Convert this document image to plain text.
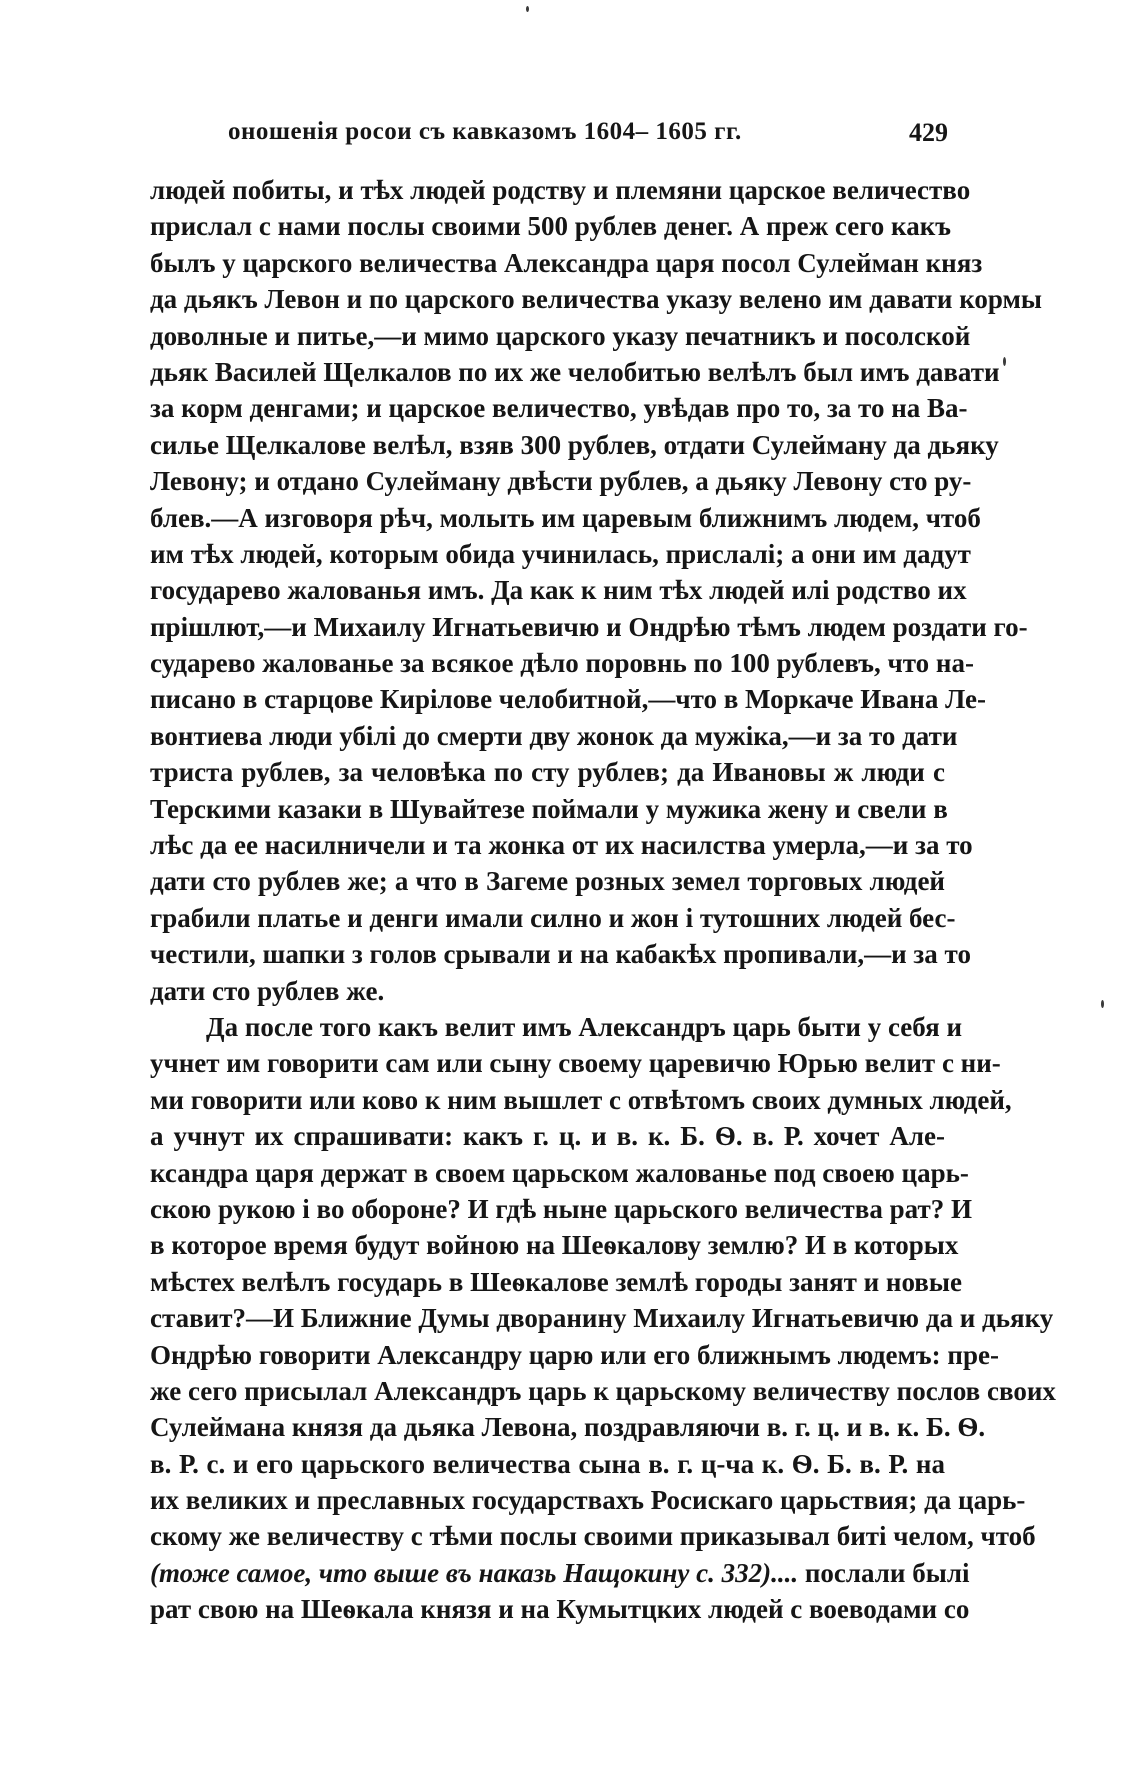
оношенія росои съ кавказомъ 1604– 1605 гг.	429
людей побиты, и тѣх людей родству и племяни царское величество
прислал с нами послы своими 500 рублев денег. А преж сего какъ
былъ у царского величества Александра царя посол Сулейман княз
да дьякъ Левон и по царского величества указу велено им давати кормы
доволные и питье,—и мимо царского указу печатникъ и посолской
дьяк Василей Щелкалов по их же челобитью велѣлъ был имъ давати
за корм денгами; и царское величество, увѣдав про то, за то на Ва-
силье Щелкалове велѣл, взяв 300 рублев, отдати Сулейману да дьяку
Левону; и отдано Сулейману двѣсти рублев, а дьяку Левону сто ру-
блев.—А изговоря рѣч, молыть им царевым ближнимъ людем, чтоб
им тѣх людей, которым обида учинилась, прислалі; а они им дадут
государево жалованья имъ. Да как к ним тѣх людей илі родство их
прішлют,—и Михаилу Игнатьевичю и Ондрѣю тѣмъ людем роздати го-
сударево жалованье за всякое дѣло поровнь по 100 рублевъ, что на-
писано в старцове Кирілове челобитной,—что в Моркаче Ивана Ле-
вонтиева люди убілі до смерти дву жонок да мужіка,—и за то дати
триста рублев, за человѣка по сту рублев; да Ивановы ж люди с
Терскими казаки в Шувайтезе поймали у мужика жену и свели в
лѣс да ее насилничели и та жонка от их насилства умерла,—и за то
дати сто рублев же; а что в Загеме розных земел торговых людей
грабили платье и денги имали силно и жон і тутошних людей бес-
честили, шапки з голов срывали и на кабакѣх пропивали,—и за то
дати сто рублев же.
Да после того какъ велит имъ Александръ царь быти у себя и
учнет им говорити сам или сыну своему царевичю Юрью велит с ни-
ми говорити или ково к ним вышлет с отвѣтомъ своих думных людей,
а учнут их спрашивати: какъ г. ц. и в. к. Б. Ѳ. в. Р. хочет Але-
ксандра царя держат в своем царьском жалованье под своею царь-
скою рукою і во обороне? И гдѣ ныне царьского величества рат? И
в которое время будут войною на Шеѳкалову землю? И в которых
мѣстех велѣлъ государь в Шеѳкалове землѣ городы занят и новые
ставит?—И Ближние Думы дворанину Михаилу Игнатьевичю да и дьяку
Ондрѣю говорити Александру царю или его ближнымъ людемъ: пре-
же сего присылал Александръ царь к царьскому величеству послов своих
Сулеймана князя да дьяка Левона, поздравляючи в. г. ц. и в. к. Б. Ѳ.
в. Р. с. и его царьского величества сына в. г. ц-ча к. Ѳ. Б. в. Р. на
их великих и преславных государствахъ Росискаго царьствия; да царь-
скому же величеству с тѣми послы своими приказывал биті челом, чтоб
(тоже самое, что выше въ наказь Нащокину с. 332).... послали былі
рат свою на Шеѳкала князя и на Кумытцких людей с воеводами со
